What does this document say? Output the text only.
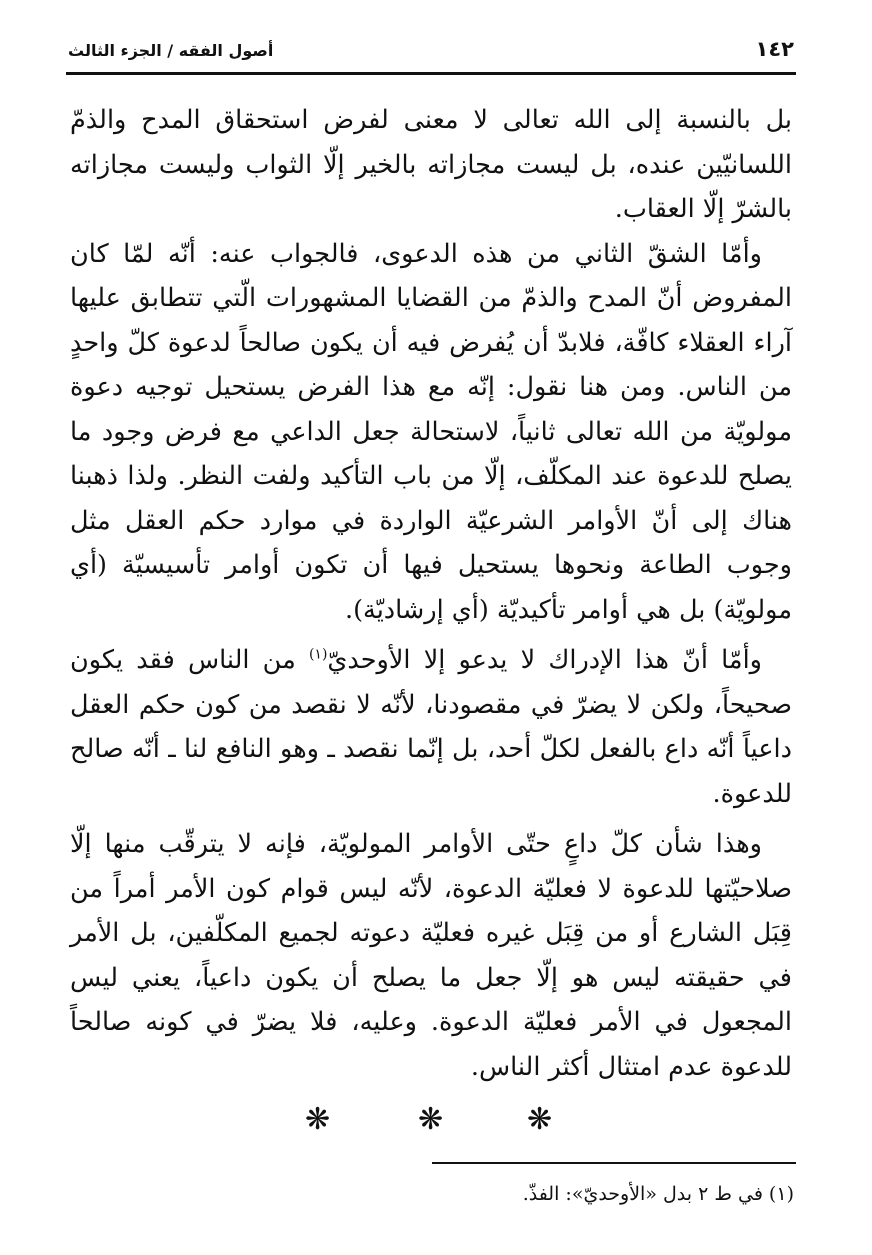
١٤٢
أصول الفقه / الجزء الثالث

بل بالنسبة إلى الله تعالى لا معنى لفرض استحقاق المدح والذمّ اللسانيّين عنده، بل ليست مجازاته بالخير إلّا الثواب وليست مجازاته بالشرّ إلّا العقاب.

وأمّا الشقّ الثاني من هذه الدعوى، فالجواب عنه: أنّه لمّا كان المفروض أنّ المدح والذمّ من القضايا المشهورات الّتي تتطابق عليها آراء العقلاء كافّة، فلابدّ أن يُفرض فيه أن يكون صالحاً لدعوة كلّ واحدٍ من الناس. ومن هنا نقول: إنّه مع هذا الفرض يستحيل توجيه دعوة مولويّة من الله تعالى ثانياً، لاستحالة جعل الداعي مع فرض وجود ما يصلح للدعوة عند المكلّف، إلّا من باب التأكيد ولفت النظر. ولذا ذهبنا هناك إلى أنّ الأوامر الشرعيّة الواردة في موارد حكم العقل مثل وجوب الطاعة ونحوها يستحيل فيها أن تكون أوامر تأسيسيّة (أي مولويّة) بل هي أوامر تأكيديّة (أي إرشاديّة).

وأمّا أنّ هذا الإدراك لا يدعو إلا الأوحديّ$^{(١)}$ من الناس فقد يكون صحيحاً، ولكن لا يضرّ في مقصودنا، لأنّه لا نقصد من كون حكم العقل داعياً أنّه داع بالفعل لكلّ أحد، بل إنّما نقصد ـ وهو النافع لنا ـ أنّه صالح للدعوة.

وهذا شأن كلّ داعٍ حتّى الأوامر المولويّة، فإنه لا يترقّب منها إلّا صلاحيّتها للدعوة لا فعليّة الدعوة، لأنّه ليس قوام كون الأمر أمراً من قِبَل الشارع أو من قِبَل غيره فعليّة دعوته لجميع المكلّفين، بل الأمر في حقيقته ليس هو إلّا جعل ما يصلح أن يكون داعياً، يعني ليس المجعول في الأمر فعليّة الدعوة. وعليه، فلا يضرّ في كونه صالحاً للدعوة عدم امتثال أكثر الناس.

❋	❋	❋
(١) في ط ٢ بدل «الأوحديّ»: الفذّ.
